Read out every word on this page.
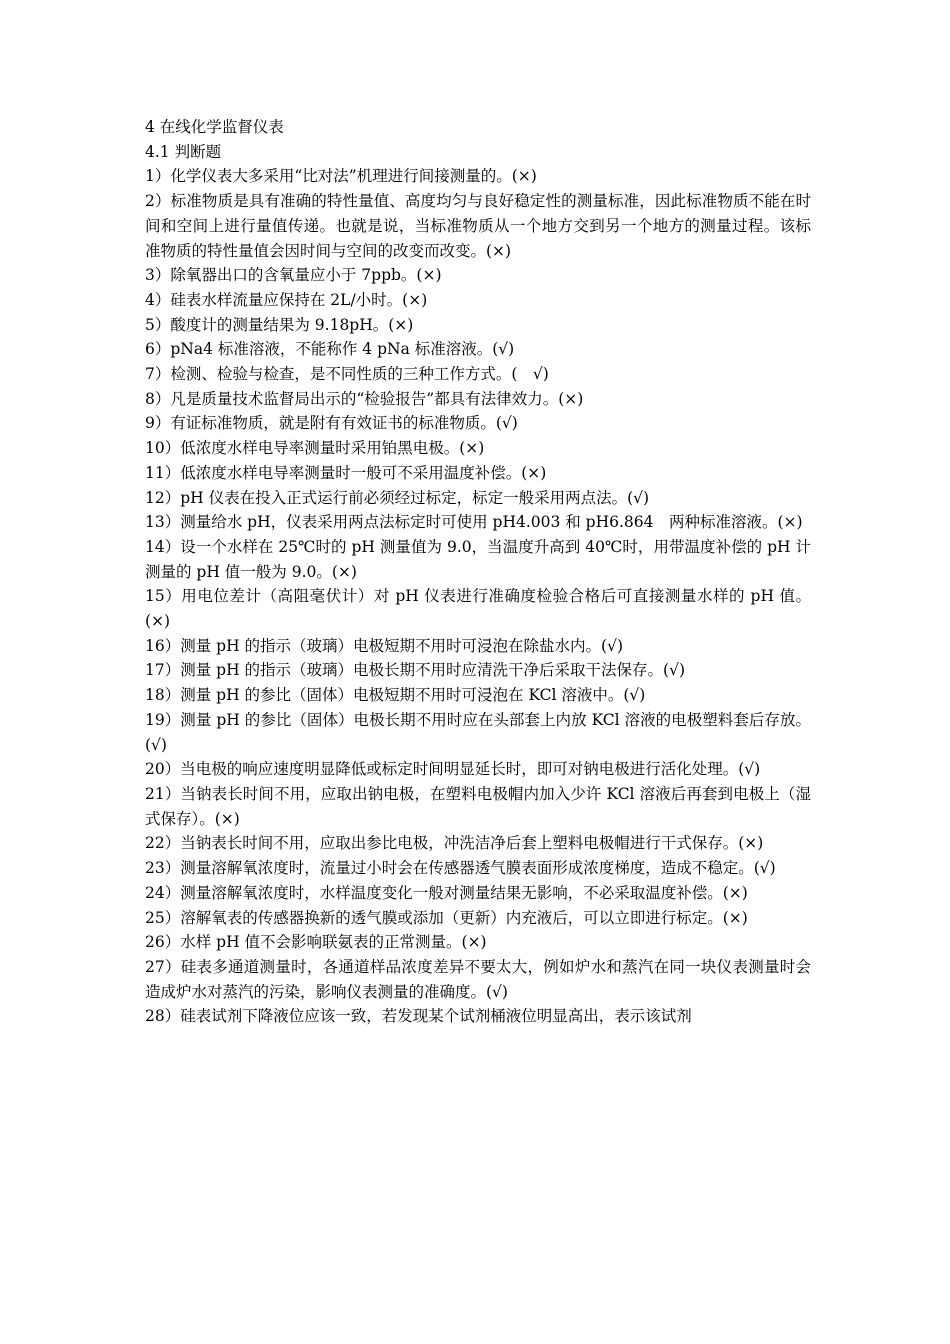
4 在线化学监督仪表

4.1 判断题

1）化学仪表大多采用“比对法”机理进行间接测量的。(×)

2）标准物质是具有准确的特性量值、高度均匀与良好稳定性的测量标准，因此标准物质不能在时间和空间上进行量值传递。也就是说，当标准物质从一个地方交到另一个地方的测量过程。该标准物质的特性量值会因时间与空间的改变而改变。(×)

3）除氧器出口的含氧量应小于 7ppb。(×)

4）硅表水样流量应保持在 2L/小时。(×)

5）酸度计的测量结果为 9.18pH。(×)

6）pNa4 标准溶液，不能称作 4 pNa 标准溶液。(√)

7）检测、检验与检查，是不同性质的三种工作方式。(　√)

8）凡是质量技术监督局出示的“检验报告”都具有法律效力。(×)

9）有证标准物质，就是附有有效证书的标准物质。(√)

10）低浓度水样电导率测量时采用铂黑电极。(×)

11）低浓度水样电导率测量时一般可不采用温度补偿。(×)

12）pH 仪表在投入正式运行前必须经过标定，标定一般采用两点法。(√)

13）测量给水 pH，仪表采用两点法标定时可使用 pH4.003 和 pH6.864　两种标准溶液。(×)

14）设一个水样在 25℃时的 pH 测量值为 9.0，当温度升高到 40℃时，用带温度补偿的 pH 计测量的 pH 值一般为 9.0。(×)

15）用电位差计（高阻毫伏计）对 pH 仪表进行准确度检验合格后可直接测量水样的 pH 值。(×)

16）测量 pH 的指示（玻璃）电极短期不用时可浸泡在除盐水内。(√)

17）测量 pH 的指示（玻璃）电极长期不用时应清洗干净后采取干法保存。(√)

18）测量 pH 的参比（固体）电极短期不用时可浸泡在 KCl 溶液中。(√)

19）测量 pH 的参比（固体）电极长期不用时应在头部套上内放 KCl 溶液的电极塑料套后存放。(√)

20）当电极的响应速度明显降低或标定时间明显延长时，即可对钠电极进行活化处理。(√)

21）当钠表长时间不用，应取出钠电极，在塑料电极帽内加入少许 KCl 溶液后再套到电极上（湿式保存）。(×)

22）当钠表长时间不用，应取出参比电极，冲洗洁净后套上塑料电极帽进行干式保存。(×)

23）测量溶解氧浓度时，流量过小时会在传感器透气膜表面形成浓度梯度，造成不稳定。(√)

24）测量溶解氧浓度时，水样温度变化一般对测量结果无影响，不必采取温度补偿。(×)

25）溶解氧表的传感器换新的透气膜或添加（更新）内充液后，可以立即进行标定。(×)

26）水样 pH 值不会影响联氨表的正常测量。(×)

27）硅表多通道测量时，各通道样品浓度差异不要太大，例如炉水和蒸汽在同一块仪表测量时会造成炉水对蒸汽的污染，影响仪表测量的准确度。(√)

28）硅表试剂下降液位应该一致，若发现某个试剂桶液位明显高出，表示该试剂
